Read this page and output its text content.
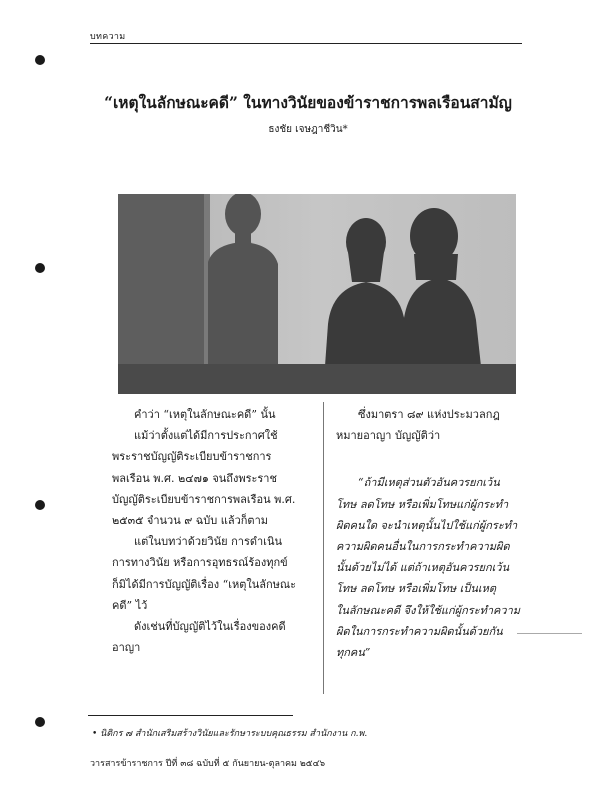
บทความ
“เหตุในลักษณะคดี” ในทางวินัยของข้าราชการพลเรือนสามัญ
ธงชัย เจษฎาชีวิน*

คำว่า “เหตุในลักษณะคดี” นั้น

แม้ว่าตั้งแต่ได้มีการประกาศใช้

พระราชบัญญัติระเบียบข้าราชการ

พลเรือน พ.ศ. ๒๔๗๑ จนถึงพระราช

บัญญัติระเบียบข้าราชการพลเรือน พ.ศ.

๒๕๓๕ จำนวน ๙ ฉบับ แล้วก็ตาม

แต่ในบทว่าด้วยวินัย การดำเนิน

การทางวินัย หรือการอุทธรณ์ร้องทุกข์

ก็มิได้มีการบัญญัติเรื่อง “เหตุในลักษณะ

คดี” ไว้

ดังเช่นที่บัญญัติไว้ในเรื่องของคดี

อาญา

ซึ่งมาตรา ๘๙ แห่งประมวลกฎ

หมายอาญา บัญญัติว่า

“ถ้ามีเหตุส่วนตัวอันควรยกเว้น

โทษ ลดโทษ หรือเพิ่มโทษแก่ผู้กระทำ

ผิดคนใด จะนำเหตุนั้นไปใช้แก่ผู้กระทำ

ความผิดคนอื่นในการกระทำความผิด

นั้นด้วยไม่ได้ แต่ถ้าเหตุอันควรยกเว้น

โทษ ลดโทษ หรือเพิ่มโทษ เป็นเหตุ

ในลักษณะคดี จึงให้ใช้แก่ผู้กระทำความ

ผิดในการกระทำความผิดนั้นด้วยกัน

ทุกคน”

• นิติกร ๗ สำนักเสริมสร้างวินัยและรักษาระบบคุณธรรม สำนักงาน ก.พ.
วารสารข้าราชการ ปีที่ ๓๘ ฉบับที่ ๕ กันยายน-ตุลาคม ๒๕๔๖
